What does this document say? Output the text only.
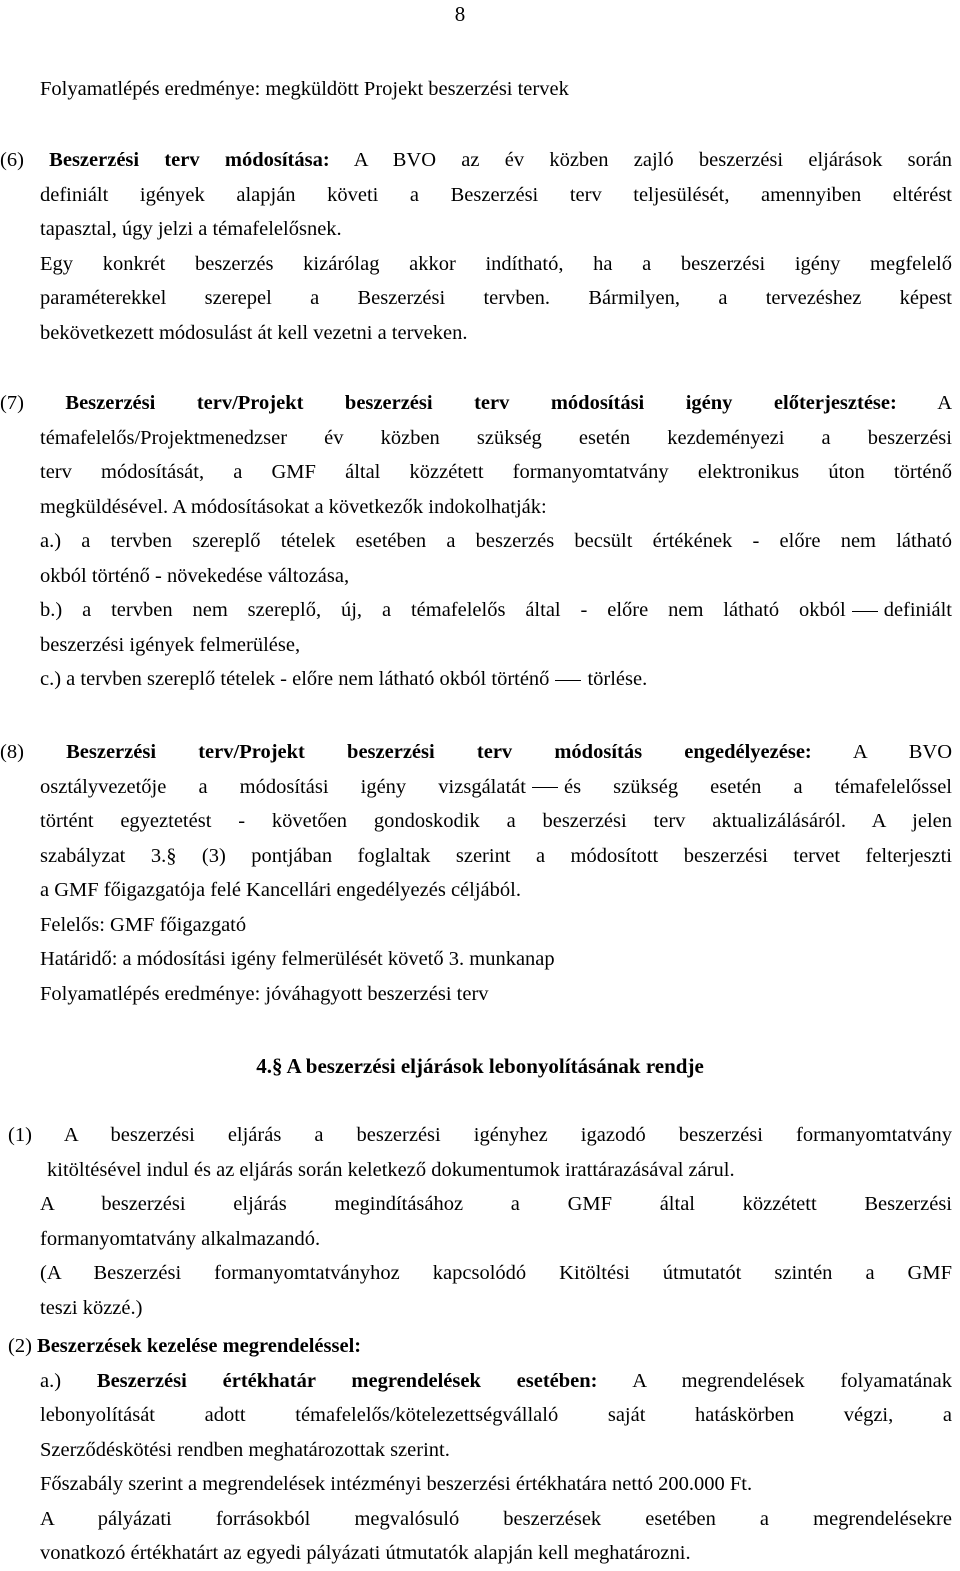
8
Folyamatlépés eredménye: megküldött Projekt beszerzési tervek
(6) Beszerzési terv módosítása: A BVO az év közben zajló beszerzési eljárások során
definiált igények alapján követi a Beszerzési terv teljesülését, amennyiben eltérést
tapasztal, úgy jelzi a témafelelősnek.
Egy konkrét beszerzés kizárólag akkor indítható, ha a beszerzési igény megfelelő
paraméterekkel szerepel a Beszerzési tervben. Bármilyen, a tervezéshez képest
bekövetkezett módosulást át kell vezetni a terveken.
(7) Beszerzési terv/Projekt beszerzési terv módosítási igény előterjesztése: A
témafelelős/Projektmenedzser év közben szükség esetén kezdeményezi a beszerzési
terv módosítását, a GMF által közzétett formanyomtatvány elektronikus úton történő
megküldésével. A módosításokat a következők indokolhatják:
a.) a tervben szereplő tételek esetében a beszerzés becsült értékének - előre nem látható
okból történő - növekedése változása,
b.) a tervben nem szereplő, új, a témafelelős által - előre nem látható okból definiált
beszerzési igények felmerülése,
c.) a tervben szereplő tételek - előre nem látható okból történő törlése.
(8) Beszerzési terv/Projekt beszerzési terv módosítás engedélyezése: A BVO
osztályvezetője a módosítási igény vizsgálatát és szükség esetén a témafelelőssel
történt egyeztetést - követően gondoskodik a beszerzési terv aktualizálásáról. A jelen
szabályzat 3.§ (3) pontjában foglaltak szerint a módosított beszerzési tervet felterjeszti
a GMF főigazgatója felé Kancellári engedélyezés céljából.
Felelős: GMF főigazgató
Határidő: a módosítási igény felmerülését követő 3. munkanap
Folyamatlépés eredménye: jóváhagyott beszerzési terv
4.§ A beszerzési eljárások lebonyolításának rendje
(1) A beszerzési eljárás a beszerzési igényhez igazodó beszerzési formanyomtatvány
kitöltésével indul és az eljárás során keletkező dokumentumok irattárazásával zárul.
A beszerzési eljárás megindításához a GMF által közzétett Beszerzési
formanyomtatvány alkalmazandó.
(A Beszerzési formanyomtatványhoz kapcsolódó Kitöltési útmutatót szintén a GMF
teszi közzé.)
(2) Beszerzések kezelése megrendeléssel:
a.) Beszerzési értékhatár megrendelések esetében: A megrendelések folyamatának
lebonyolítását adott témafelelős/kötelezettségvállaló saját hatáskörben végzi, a
Szerződéskötési rendben meghatározottak szerint.
Főszabály szerint a megrendelések intézményi beszerzési értékhatára nettó 200.000 Ft.
A pályázati forrásokból megvalósuló beszerzések esetében a megrendelésekre
vonatkozó értékhatárt az egyedi pályázati útmutatók alapján kell meghatározni.
